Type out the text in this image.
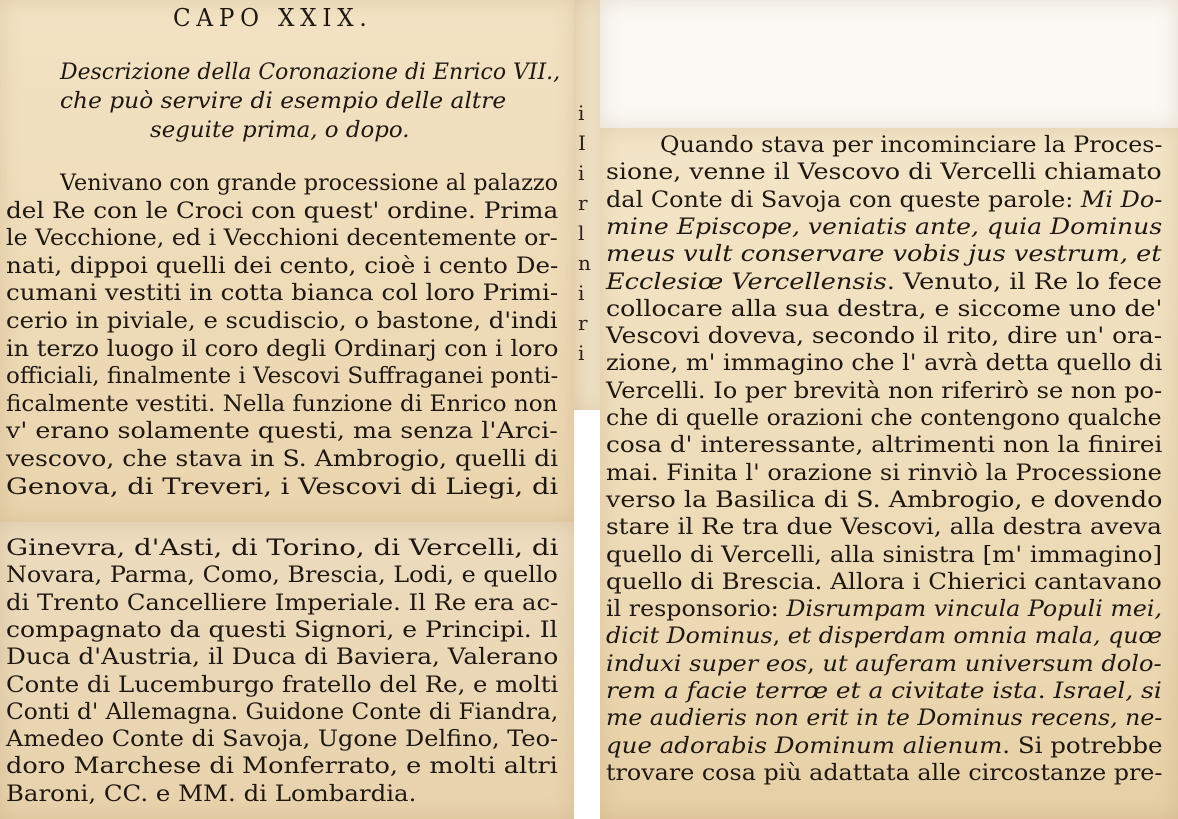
i
I
i
r
l
n
i
r
i
CAPO XXIX.
Descrizione della Coronazione di Enrico VII.,
che può servire di esempio delle altre
seguite prima, o dopo.
Venivano con grande processione al palazzo
del Re con le Croci con quest' ordine. Prima
le Vecchione, ed i Vecchioni decentemente or-
nati, dippoi quelli dei cento, cioè i cento De-
cumani vestiti in cotta bianca col loro Primi-
cerio in piviale, e scudiscio, o bastone, d'indi
in terzo luogo il coro degli Ordinarj con i loro
officiali, finalmente i Vescovi Suffraganei ponti-
ficalmente vestiti. Nella funzione di Enrico non
v' erano solamente questi, ma senza l'Arci-
vescovo, che stava in S. Ambrogio, quelli di
Genova, di Treveri, i Vescovi di Liegi, di
Ginevra, d'Asti, di Torino, di Vercelli, di
Novara, Parma, Como, Brescia, Lodi, e quello
di Trento Cancelliere Imperiale. Il Re era ac-
compagnato da questi Signori, e Principi. Il
Duca d'Austria, il Duca di Baviera, Valerano
Conte di Lucemburgo fratello del Re, e molti
Conti d' Allemagna. Guidone Conte di Fiandra,
Amedeo Conte di Savoja, Ugone Delfino, Teo-
doro Marchese di Monferrato, e molti altri
Baroni, CC. e MM. di Lombardia.
Quando stava per incominciare la Proces-
sione, venne il Vescovo di Vercelli chiamato
dal Conte di Savoja con queste parole: Mi Do-
mine Episcope, veniatis ante, quia Dominus
meus vult conservare vobis jus vestrum, et
Ecclesiœ Vercellensis. Venuto, il Re lo fece
collocare alla sua destra, e siccome uno de'
Vescovi doveva, secondo il rito, dire un' ora-
zione, m' immagino che l' avrà detta quello di
Vercelli. Io per brevità non riferirò se non po-
che di quelle orazioni che contengono qualche
cosa d' interessante, altrimenti non la finirei
mai. Finita l' orazione si rinviò la Processione
verso la Basilica di S. Ambrogio, e dovendo
stare il Re tra due Vescovi, alla destra aveva
quello di Vercelli, alla sinistra [m' immagino]
quello di Brescia. Allora i Chierici cantavano
il responsorio: Disrumpam vincula Populi mei,
dicit Dominus, et disperdam omnia mala, quœ
induxi super eos, ut auferam universum dolo-
rem a facie terrœ et a civitate ista. Israel, si
me audieris non erit in te Dominus recens, ne-
que adorabis Dominum alienum. Si potrebbe
trovare cosa più adattata alle circostanze pre-
